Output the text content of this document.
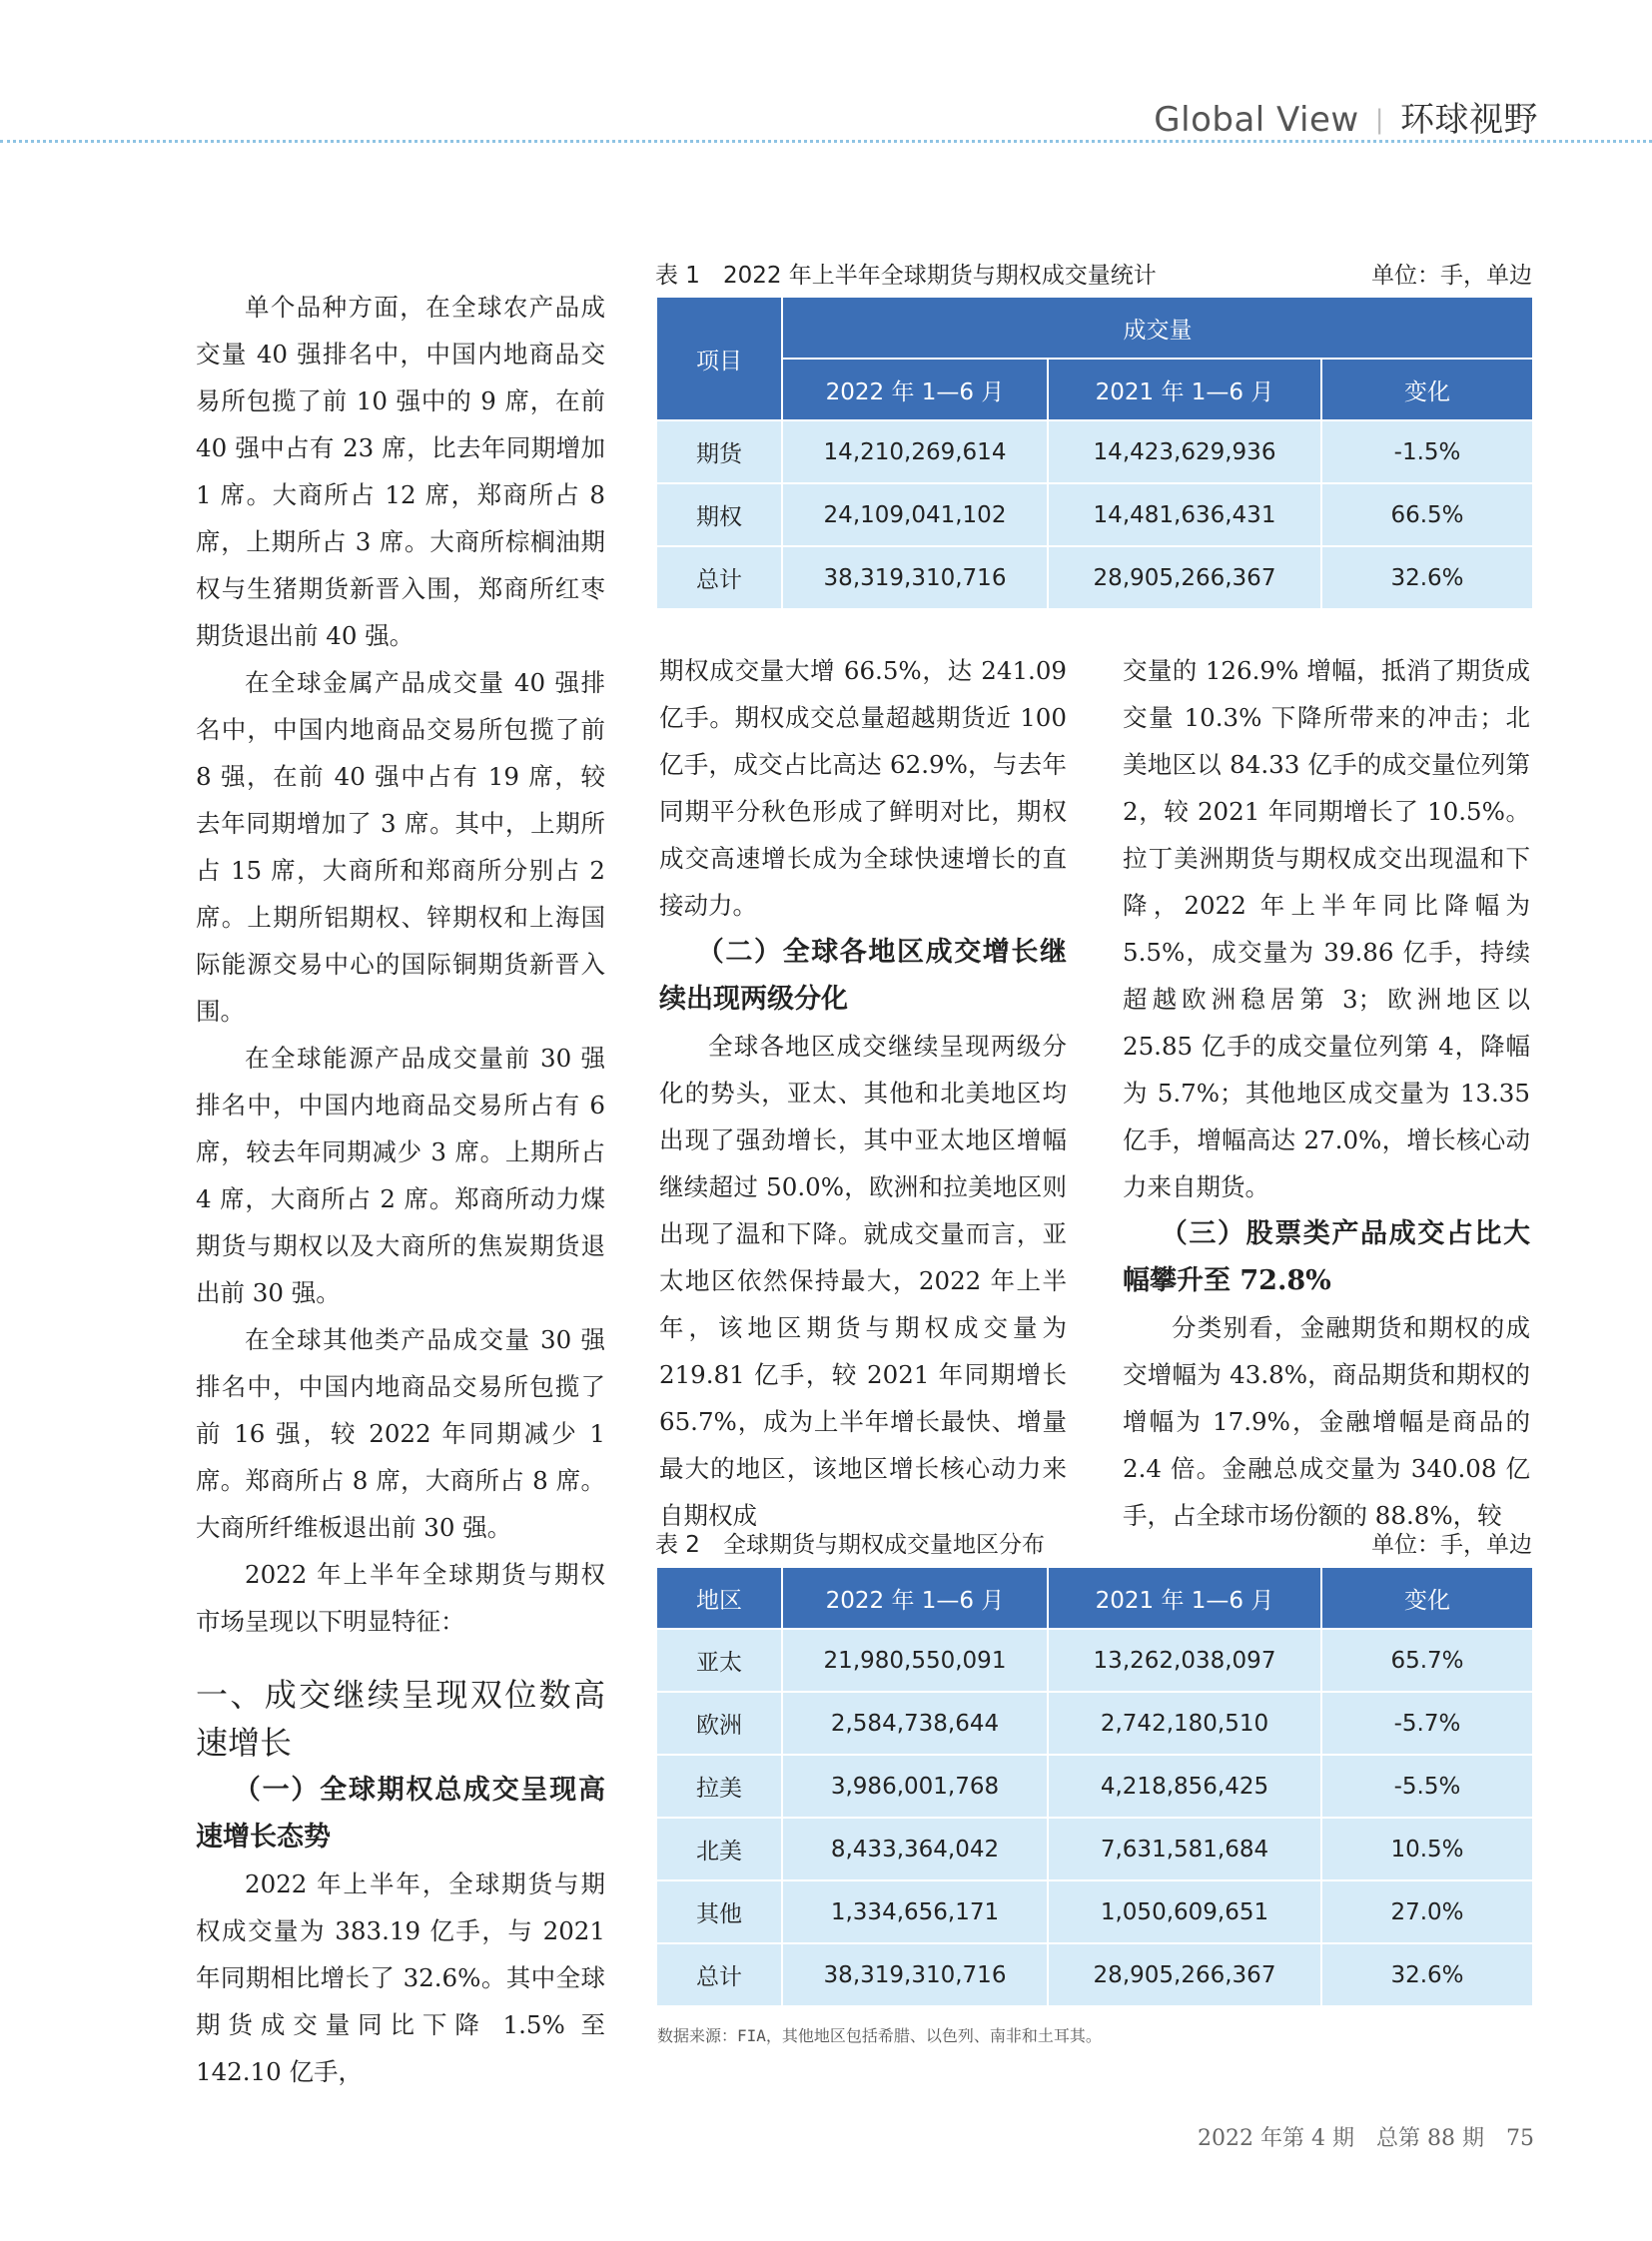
Global View | 环球视野

单个品种方面，在全球农产品成交量 40 强排名中，中国内地商品交易所包揽了前 10 强中的 9 席，在前 40 强中占有 23 席，比去年同期增加 1 席。大商所占 12 席，郑商所占 8 席，上期所占 3 席。大商所棕榈油期权与生猪期货新晋入围，郑商所红枣期货退出前 40 强。

在全球金属产品成交量 40 强排名中，中国内地商品交易所包揽了前 8 强，在前 40 强中占有 19 席，较去年同期增加了 3 席。其中，上期所占 15 席，大商所和郑商所分别占 2 席。上期所铝期权、锌期权和上海国际能源交易中心的国际铜期货新晋入围。

在全球能源产品成交量前 30 强排名中，中国内地商品交易所占有 6 席，较去年同期减少 3 席。上期所占 4 席，大商所占 2 席。郑商所动力煤期货与期权以及大商所的焦炭期货退出前 30 强。

在全球其他类产品成交量 30 强排名中，中国内地商品交易所包揽了前 16 强，较 2022 年同期减少 1 席。郑商所占 8 席，大商所占 8 席。大商所纤维板退出前 30 强。

2022 年上半年全球期货与期权市场呈现以下明显特征：

一、成交继续呈现双位数高速增长
（一）全球期权总成交呈现高速增长态势

2022 年上半年，全球期货与期权成交量为 383.19 亿手，与 2021 年同期相比增长了 32.6%。其中全球期货成交量同比下降 1.5% 至 142.10 亿手，

表 1　2022 年上半年全球期货与期权成交量统计	单位：手，单边
项目	成交量		
	2022 年 1—6 月	2021 年 1—6 月	变化
期货	14,210,269,614	14,423,629,936	-1.5%
期权	24,109,041,102	14,481,636,431	66.5%
总计	38,319,310,716	28,905,266,367	32.6%

期权成交量大增 66.5%，达 241.09 亿手。期权成交总量超越期货近 100 亿手，成交占比高达 62.9%，与去年同期平分秋色形成了鲜明对比，期权成交高速增长成为全球快速增长的直接动力。

（二）全球各地区成交增长继续出现两级分化

全球各地区成交继续呈现两级分化的势头，亚太、其他和北美地区均出现了强劲增长，其中亚太地区增幅继续超过 50.0%，欧洲和拉美地区则出现了温和下降。就成交量而言，亚太地区依然保持最大，2022 年上半年，该地区期货与期权成交量为 219.81 亿手，较 2021 年同期增长 65.7%，成为上半年增长最快、增量最大的地区，该地区增长核心动力来自期权成

交量的 126.9% 增幅，抵消了期货成交量 10.3% 下降所带来的冲击；北美地区以 84.33 亿手的成交量位列第 2，较 2021 年同期增长了 10.5%。拉丁美洲期货与期权成交出现温和下降，2022 年上半年同比降幅为 5.5%，成交量为 39.86 亿手，持续超越欧洲稳居第 3；欧洲地区以 25.85 亿手的成交量位列第 4，降幅为 5.7%；其他地区成交量为 13.35 亿手，增幅高达 27.0%，增长核心动力来自期货。

（三）股票类产品成交占比大幅攀升至 72.8%

分类别看，金融期货和期权的成交增幅为 43.8%，商品期货和期权的增幅为 17.9%，金融增幅是商品的 2.4 倍。金融总成交量为 340.08 亿手，占全球市场份额的 88.8%，较

表 2　全球期货与期权成交量地区分布	单位：手，单边
地区	2022 年 1—6 月	2021 年 1—6 月	变化
亚太	21,980,550,091	13,262,038,097	65.7%
欧洲	2,584,738,644	2,742,180,510	-5.7%
拉美	3,986,001,768	4,218,856,425	-5.5%
北美	8,433,364,042	7,631,581,684	10.5%
其他	1,334,656,171	1,050,609,651	27.0%
总计	38,319,310,716	28,905,266,367	32.6%
数据来源：FIA，其他地区包括希腊、以色列、南非和土耳其。
2022 年第 4 期　总第 88 期　 75
